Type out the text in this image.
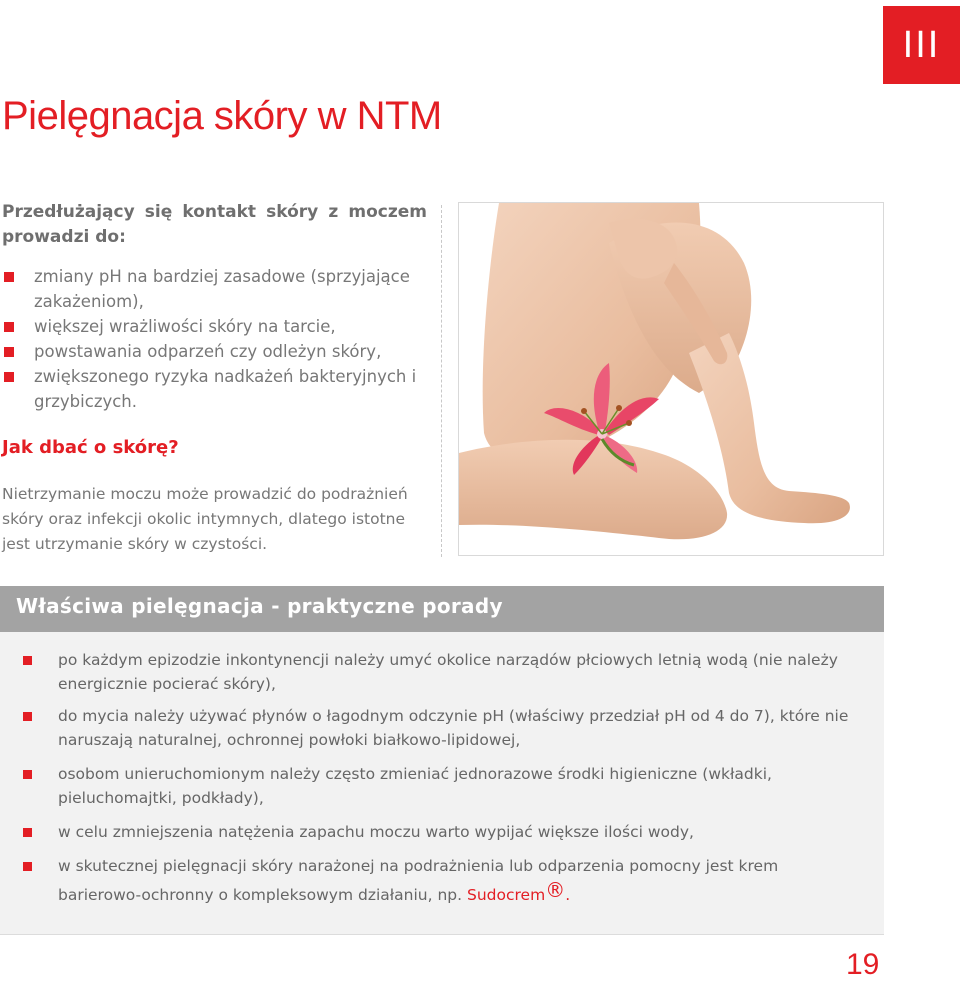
III
Pielęgnacja skóry w NTM

Przedłużający się kontakt skóry z moczem prowadzi do:

zmiany pH na bardziej zasadowe (sprzyjające zakażeniom),
większej wrażliwości skóry na tarcie,
powstawania odparzeń czy odleżyn skóry,
zwiększonego ryzyka nadkażeń bakteryjnych i grzybiczych.
Jak dbać o skórę?

Nietrzymanie moczu może prowadzić do podrażnień skóry oraz infekcji okolic intymnych, dlatego istotne jest utrzymanie skóry w czystości.

Właściwa pielęgnacja - praktyczne porady
po każdym epizodzie inkontynencji należy umyć okolice narządów płciowych letnią wodą (nie należy energicznie pocierać skóry),
do mycia należy używać płynów o łagodnym odczynie pH (właściwy przedział pH od 4 do 7), które nie naruszają naturalnej, ochronnej powłoki białkowo-lipidowej,
osobom unieruchomionym należy często zmieniać jednorazowe środki higieniczne (wkładki, pieluchomajtki, podkłady),
w celu zmniejszenia natężenia zapachu moczu warto wypijać większe ilości wody,
w skutecznej pielęgnacji skóry narażonej na podrażnienia lub odparzenia pomocny jest krem barierowo-ochronny o kompleksowym działaniu, np. Sudocrem®.
19
